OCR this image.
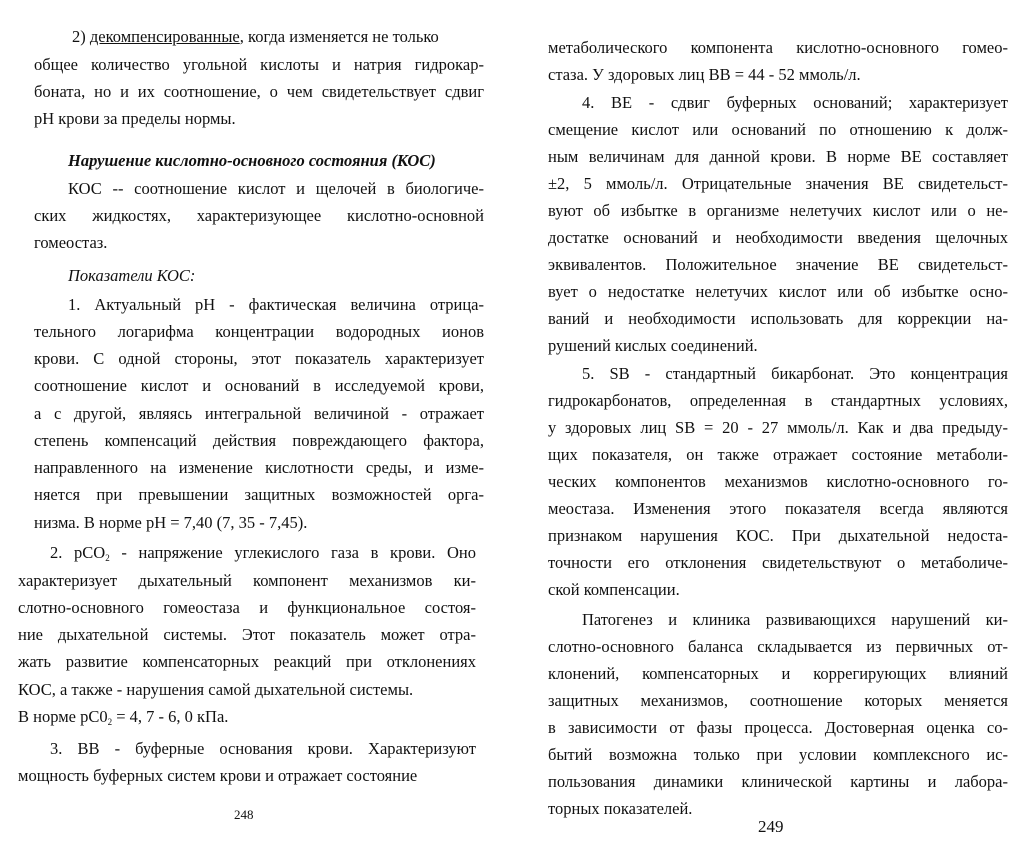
2) декомпенсированные, когда изменяется не только
общее количество угольной кислоты и натрия гидрокар-
боната, но и их соотношение, о чем свидетельствует сдвиг
рН крови за пределы нормы.
Нарушение кислотно-основного состояния (КОС)
КОС -- соотношение кислот и щелочей в биологиче-
ских жидкостях, характеризующее кислотно-основной
гомеостаз.
Показатели КОС:
1. Актуальный рН - фактическая величина отрица-
тельного логарифма концентрации водородных ионов
крови. С одной стороны, этот показатель характеризует
соотношение кислот и оснований в исследуемой крови,
а с другой, являясь интегральной величиной - отражает
степень компенсаций действия повреждающего фактора,
направленного на изменение кислотности среды, и изме-
няется при превышении защитных возможностей орга-
низма. В норме рН = 7,40 (7, 35 - 7,45).
2. рСО$_2$ - напряжение углекислого газа в крови. Оно
характеризует дыхательный компонент механизмов ки-
слотно-основного гомеостаза и функциональное состоя-
ние дыхательной системы. Этот показатель может отра-
жать развитие компенсаторных реакций при отклонениях
КОС, а также - нарушения самой дыхательной системы.
В норме $рС0_2 = 4$, 7 - 6, 0 кПа.
3. ВВ - буферные основания крови. Характеризуют
мощность буферных систем крови и отражает состояние
248
метаболического компонента кислотно-основного гомео-
стаза. У здоровых лиц ВВ = 44 - 52 ммоль/л.
4. ВЕ - сдвиг буферных оснований; характеризует
смещение кислот или оснований по отношению к долж-
ным величинам для данной крови. В норме ВЕ составляет
±2, 5 ммоль/л. Отрицательные значения ВЕ свидетельст-
вуют об избытке в организме нелетучих кислот или о не-
достатке оснований и необходимости введения щелочных
эквивалентов. Положительное значение ВЕ свидетельст-
вует о недостатке нелетучих кислот или об избытке осно-
ваний и необходимости использовать для коррекции на-
рушений кислых соединений.
5. SB - стандартный бикарбонат. Это концентрация
гидрокарбонатов, определенная в стандартных условиях,
у здоровых лиц SB = 20 - 27 ммоль/л. Как и два предыду-
щих показателя, он также отражает состояние метаболи-
ческих компонентов механизмов кислотно-основного го-
меостаза. Изменения этого показателя всегда являются
признаком нарушения КОС. При дыхательной недоста-
точности его отклонения свидетельствуют о метаболиче-
ской компенсации.
Патогенез и клиника развивающихся нарушений ки-
слотно-основного баланса складывается из первичных от-
клонений, компенсаторных и коррегирующих влияний
защитных механизмов, соотношение которых меняется
в зависимости от фазы процесса. Достоверная оценка со-
бытий возможна только при условии комплексного ис-
пользования динамики клинической картины и лабора-
торных показателей.
249
